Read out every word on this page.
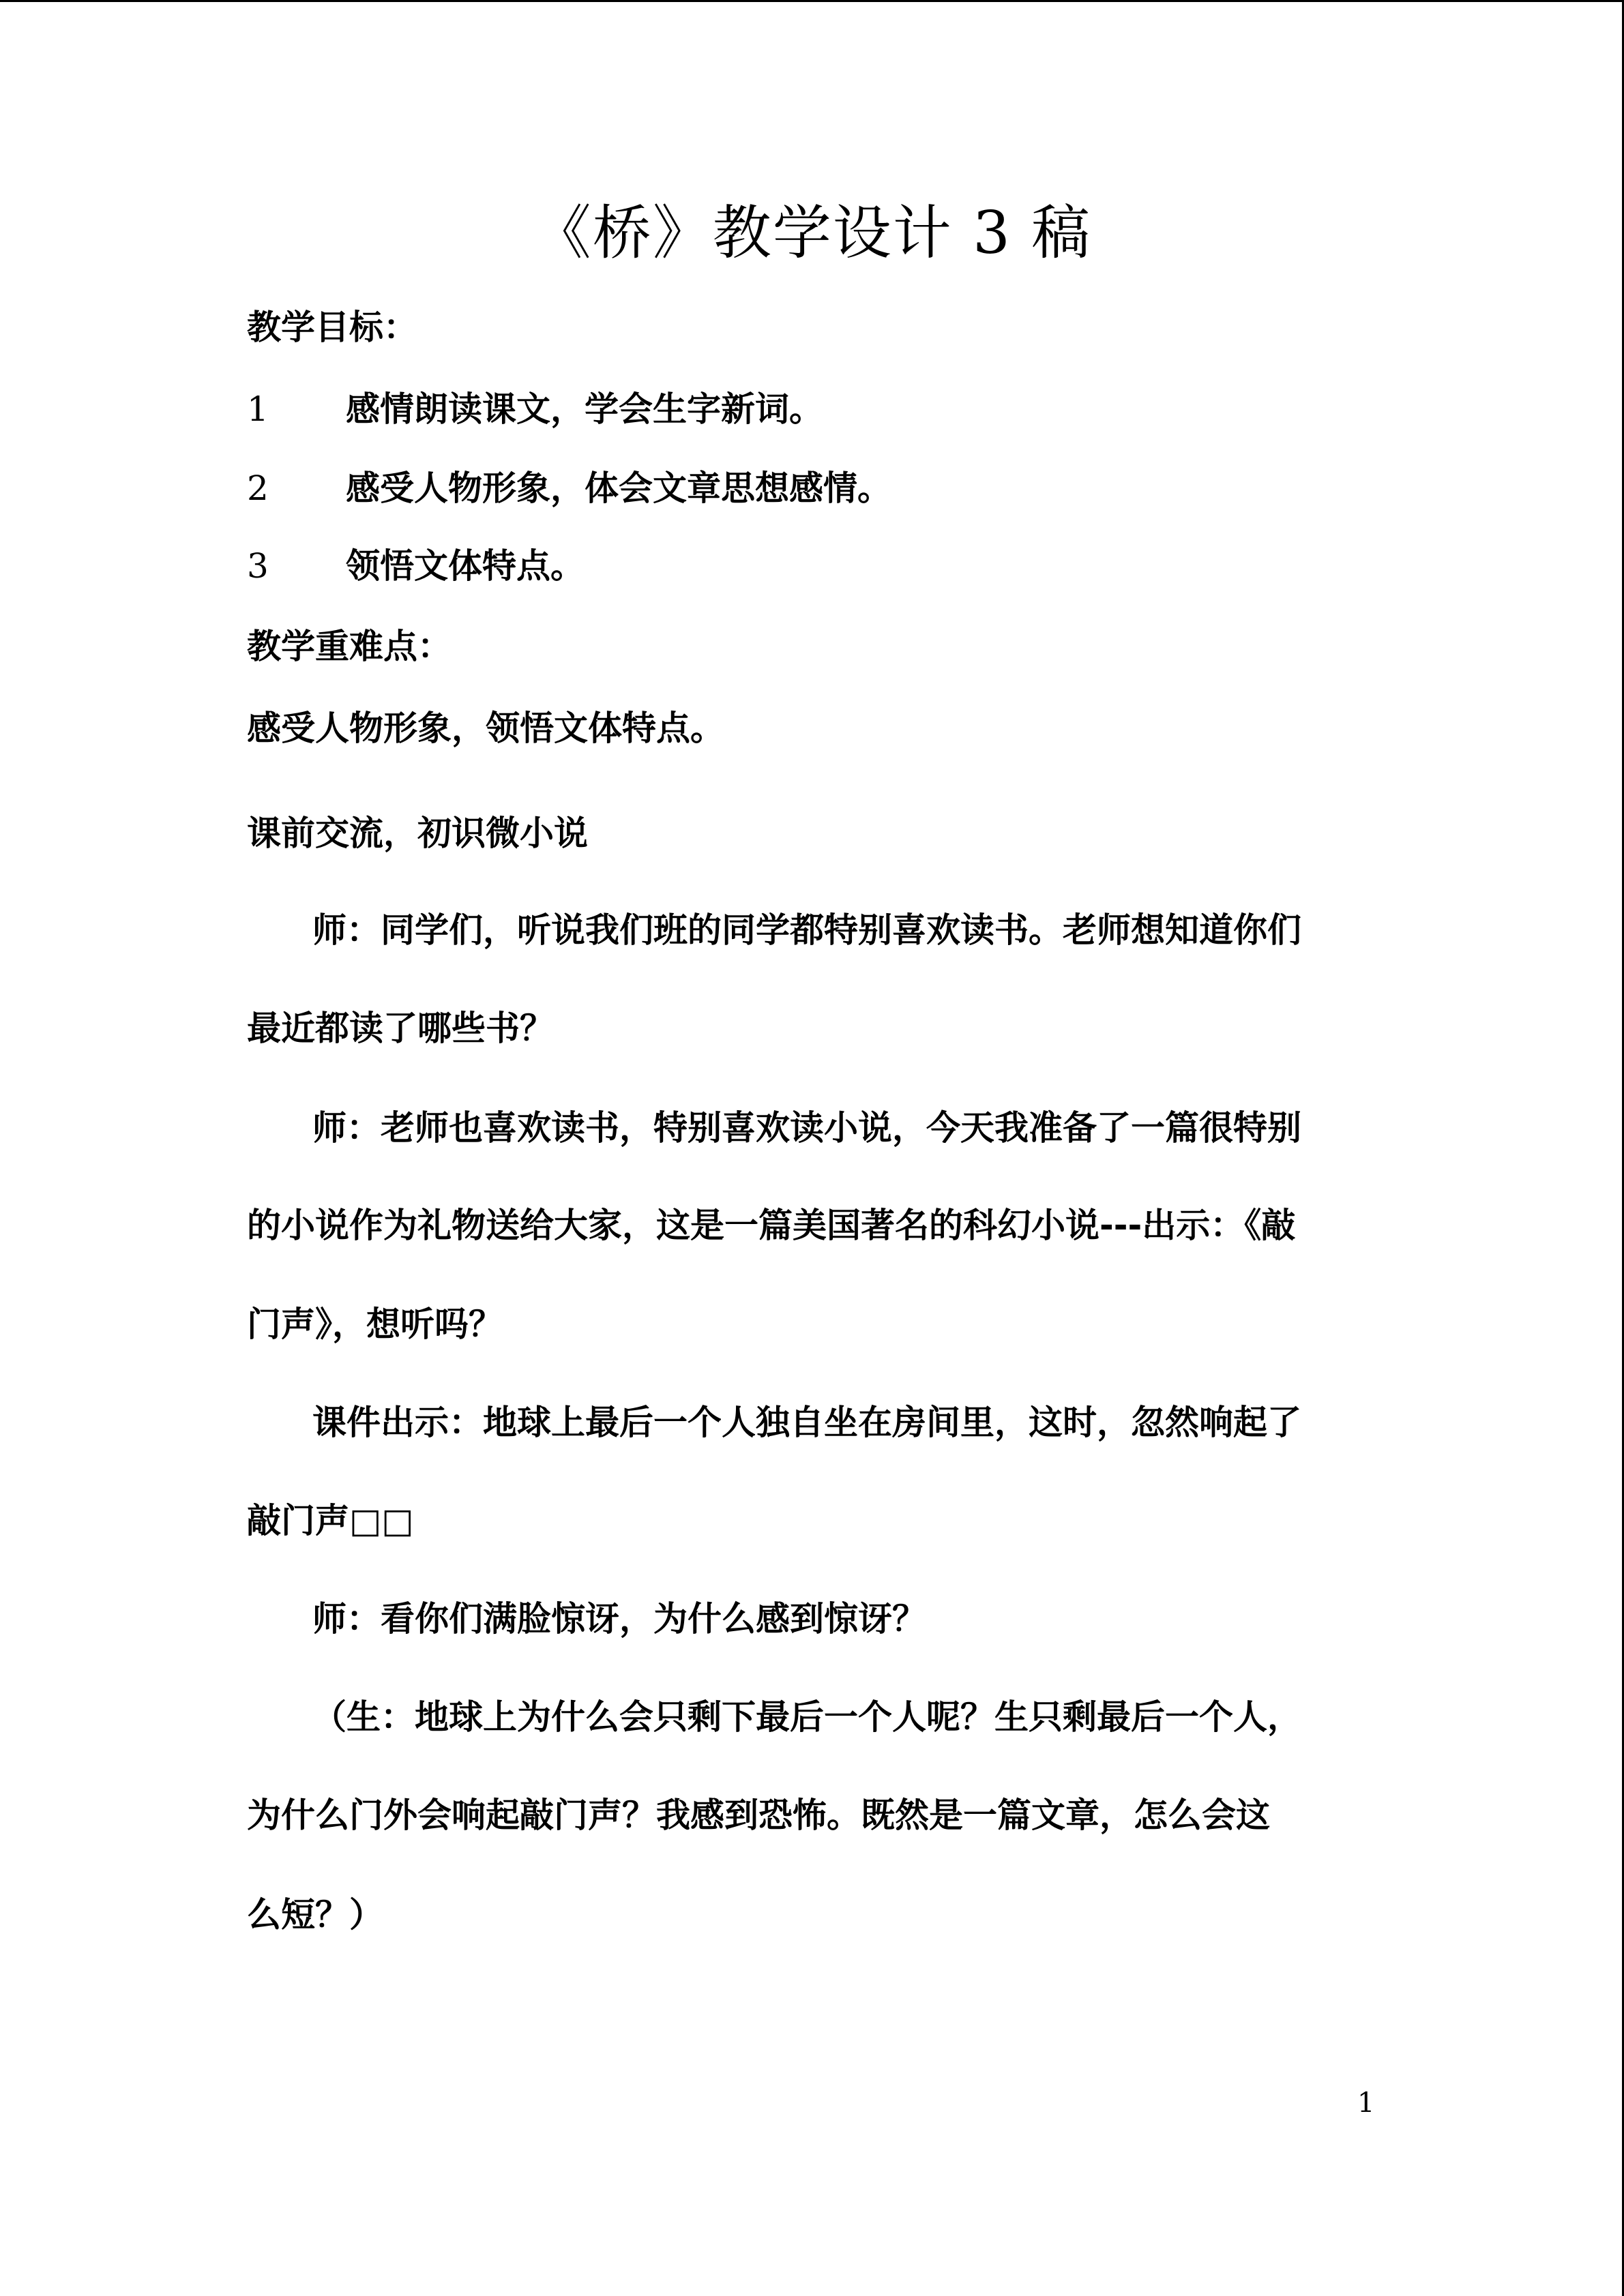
《桥》教学设计 3 稿
教学目标：
1 感情朗读课文，学会生字新词。
2 感受人物形象，体会文章思想感情。
3 领悟文体特点。
教学重难点：
感受人物形象，领悟文体特点。
课前交流，初识微小说
师：同学们，听说我们班的同学都特别喜欢读书。老师想知道你们
最近都读了哪些书？
师：老师也喜欢读书，特别喜欢读小说，今天我准备了一篇很特别
的小说作为礼物送给大家，这是一篇美国著名的科幻小说---出示：《敲
门声》，想听吗？
课件出示：地球上最后一个人独自坐在房间里，这时，忽然响起了
敲门声□□
师：看你们满脸惊讶，为什么感到惊讶？
（生：地球上为什么会只剩下最后一个人呢？生只剩最后一个人，
为什么门外会响起敲门声？我感到恐怖。既然是一篇文章，怎么会这
么短？）
1
